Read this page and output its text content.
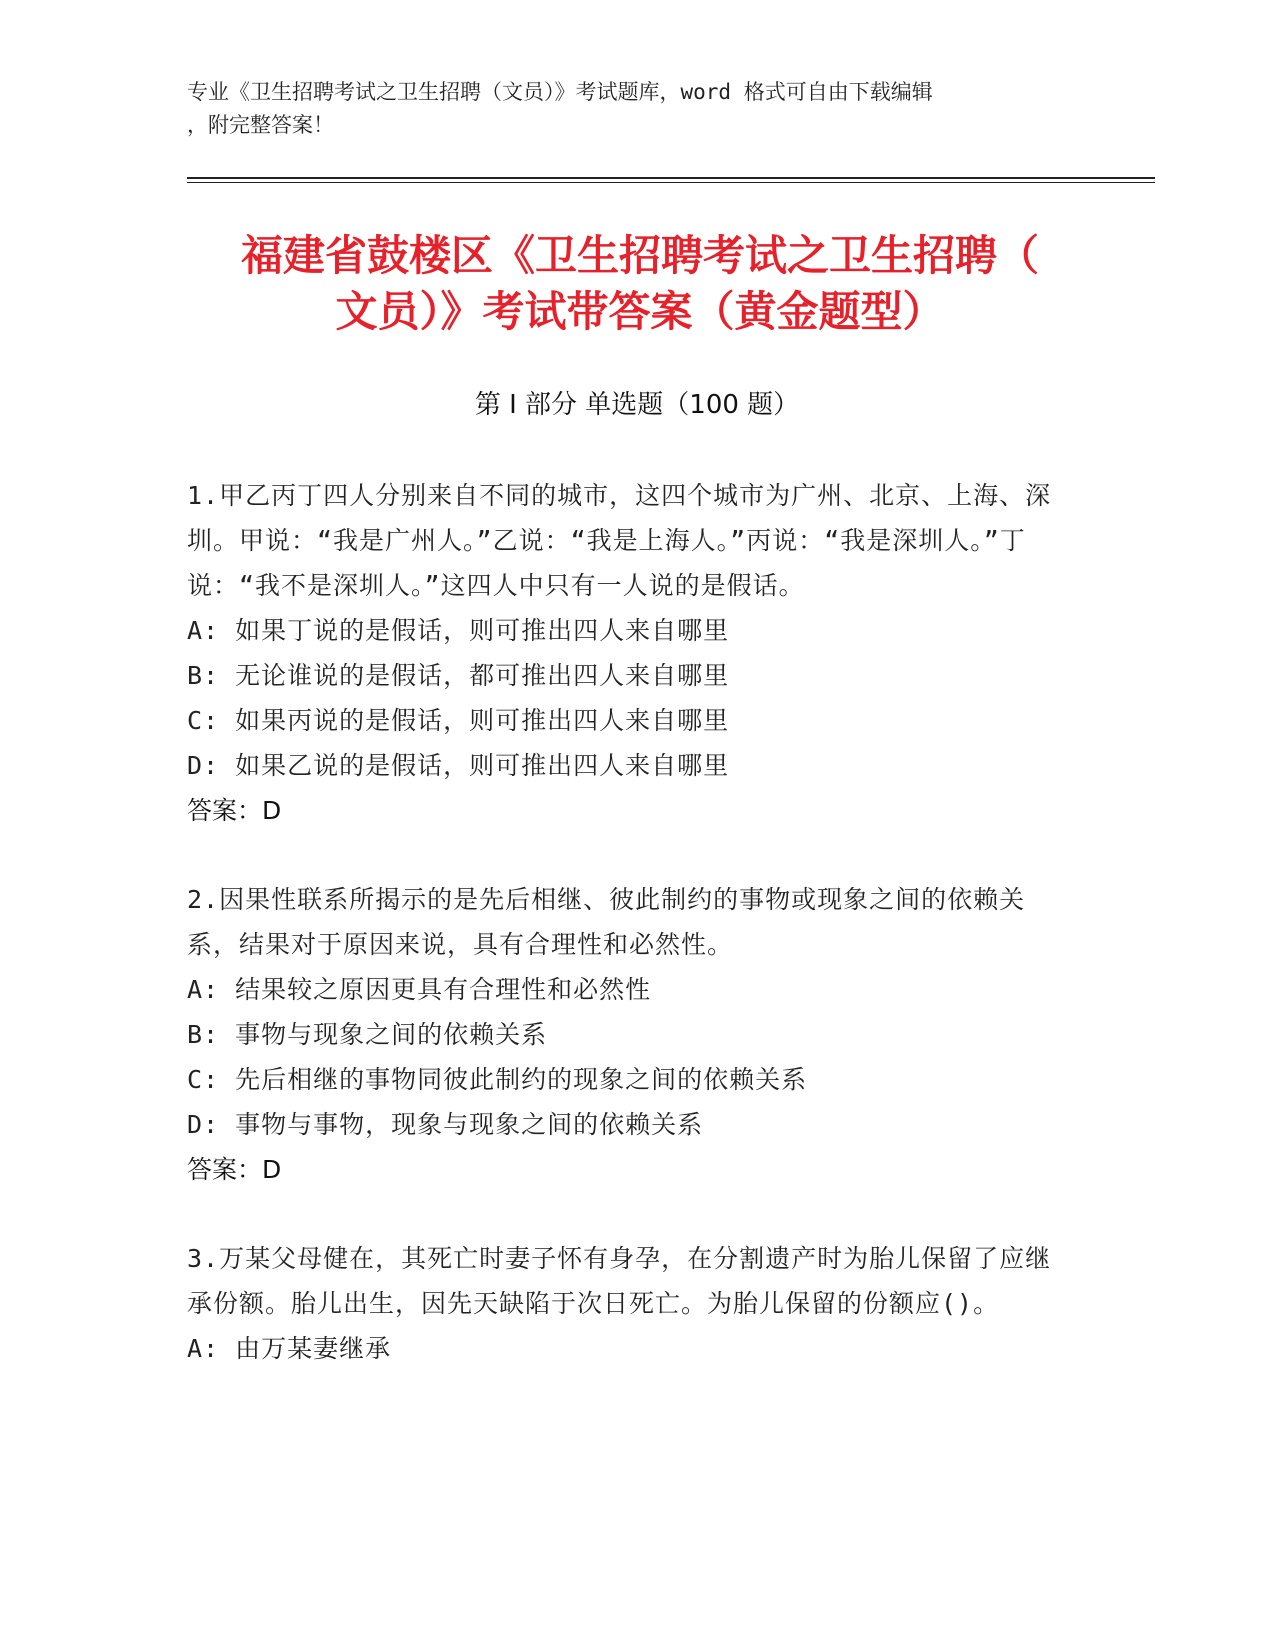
专业《卫生招聘考试之卫生招聘（文员）》考试题库，word 格式可自由下载编辑
，附完整答案！
福建省鼓楼区《卫生招聘考试之卫生招聘（
文员）》考试带答案（黄金题型）
第 I 部分 单选题（100 题）
1.甲乙丙丁四人分别来自不同的城市，这四个城市为广州、北京、上海、深圳。甲说：“我是广州人。”乙说：“我是上海人。”丙说：“我是深圳人。”丁说：“我不是深圳人。”这四人中只有一人说的是假话。
A: 如果丁说的是假话，则可推出四人来自哪里
B: 无论谁说的是假话，都可推出四人来自哪里
C: 如果丙说的是假话，则可推出四人来自哪里
D: 如果乙说的是假话，则可推出四人来自哪里
答案：D
2.因果性联系所揭示的是先后相继、彼此制约的事物或现象之间的依赖关系，结果对于原因来说，具有合理性和必然性。
A: 结果较之原因更具有合理性和必然性
B: 事物与现象之间的依赖关系
C: 先后相继的事物同彼此制约的现象之间的依赖关系
D: 事物与事物，现象与现象之间的依赖关系
答案：D
3.万某父母健在，其死亡时妻子怀有身孕，在分割遗产时为胎儿保留了应继承份额。胎儿出生，因先天缺陷于次日死亡。为胎儿保留的份额应()。
A: 由万某妻继承
